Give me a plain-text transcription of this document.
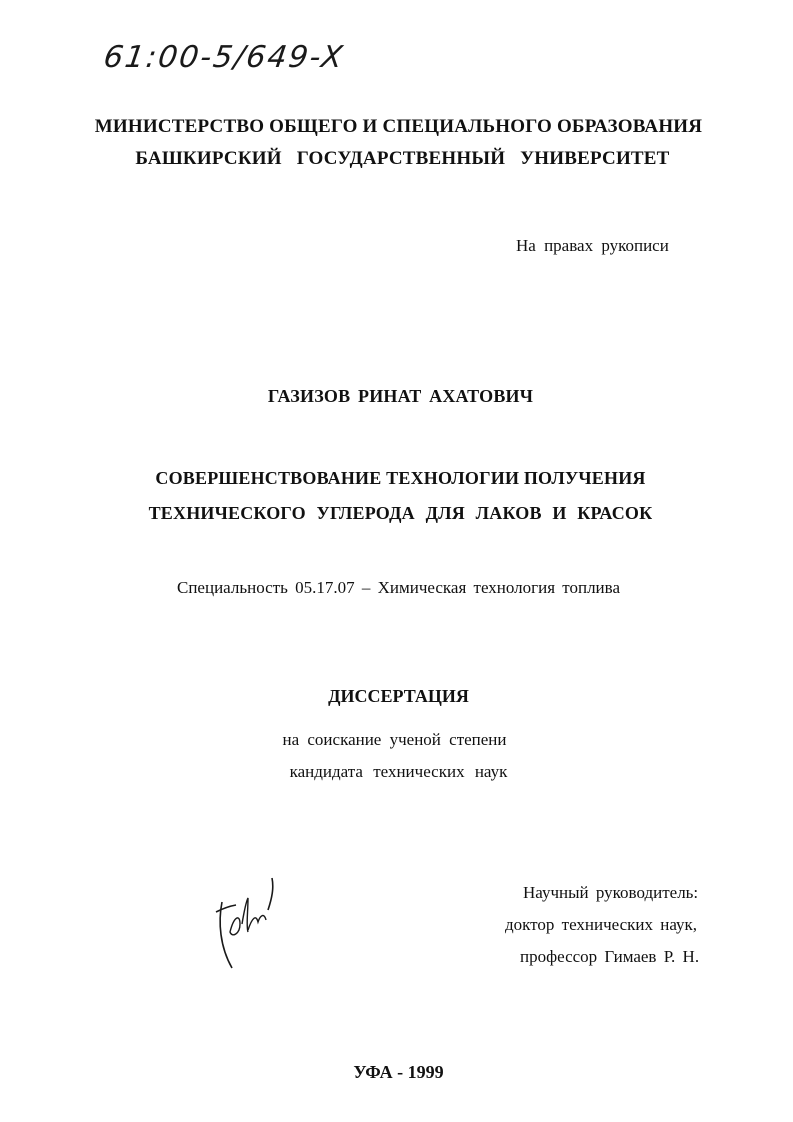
61:00-5/649-X
МИНИСТЕРСТВО ОБЩЕГО И СПЕЦИАЛЬНОГО ОБРАЗОВАНИЯ
БАШКИРСКИЙ ГОСУДАРСТВЕННЫЙ УНИВЕРСИТЕТ
На правах рукописи
ГАЗИЗОВ РИНАТ АХАТОВИЧ
СОВЕРШЕНСТВОВАНИЕ ТЕХНОЛОГИИ ПОЛУЧЕНИЯ
ТЕХНИЧЕСКОГО УГЛЕРОДА ДЛЯ ЛАКОВ И КРАСОК
Специальность 05.17.07 – Химическая технология топлива
ДИССЕРТАЦИЯ
на соискание ученой степени
кандидата технических наук
Научный руководитель:
доктор технических наук,
профессор Гимаев Р. Н.
УФА - 1999
